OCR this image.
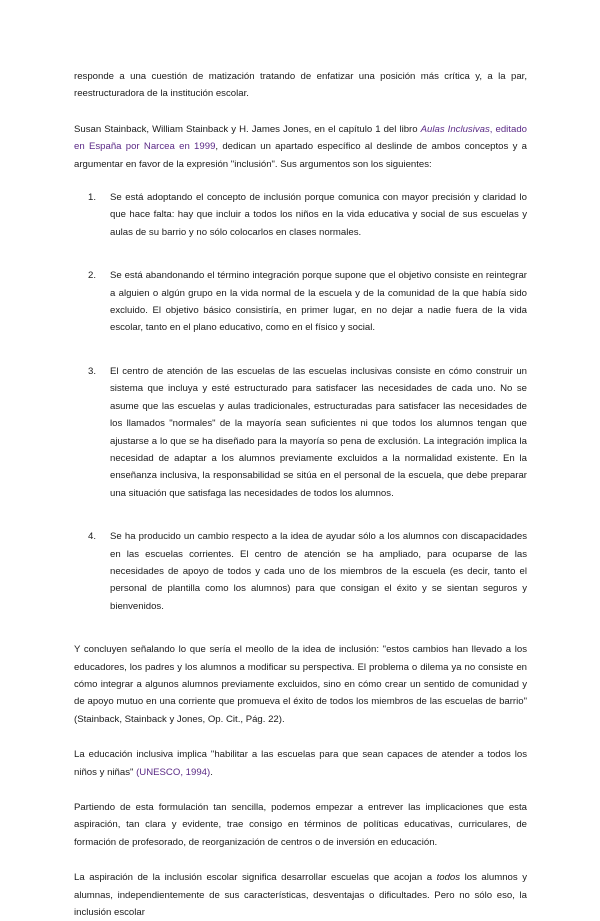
responde a una cuestión de matización tratando de enfatizar una posición más crítica y, a la par, reestructuradora de la institución escolar.

Susan Stainback, William Stainback y H. James Jones, en el capítulo 1 del libro Aulas Inclusivas, editado en España por Narcea en 1999, dedican un apartado específico al deslinde de ambos conceptos y a argumentar en favor de la expresión "inclusión". Sus argumentos son los siguientes:

1. Se está adoptando el concepto de inclusión porque comunica con mayor precisión y claridad lo que hace falta: hay que incluir a todos los niños en la vida educativa y social de sus escuelas y aulas de su barrio y no sólo colocarlos en clases normales.
2. Se está abandonando el término integración porque supone que el objetivo consiste en reintegrar a alguien o algún grupo en la vida normal de la escuela y de la comunidad de la que había sido excluido. El objetivo básico consistiría, en primer lugar, en no dejar a nadie fuera de la vida escolar, tanto en el plano educativo, como en el físico y social.
3. El centro de atención de las escuelas de las escuelas inclusivas consiste en cómo construir un sistema que incluya y esté estructurado para satisfacer las necesidades de cada uno. No se asume que las escuelas y aulas tradicionales, estructuradas para satisfacer las necesidades de los llamados "normales" de la mayoría sean suficientes ni que todos los alumnos tengan que ajustarse a lo que se ha diseñado para la mayoría so pena de exclusión. La integración implica la necesidad de adaptar a los alumnos previamente excluidos a la normalidad existente. En la enseñanza inclusiva, la responsabilidad se sitúa en el personal de la escuela, que debe preparar una situación que satisfaga las necesidades de todos los alumnos.
4. Se ha producido un cambio respecto a la idea de ayudar sólo a los alumnos con discapacidades en las escuelas corrientes. El centro de atención se ha ampliado, para ocuparse de las necesidades de apoyo de todos y cada uno de los miembros de la escuela (es decir, tanto el personal de plantilla como los alumnos) para que consigan el éxito y se sientan seguros y bienvenidos.

Y concluyen señalando lo que sería el meollo de la idea de inclusión: "estos cambios han llevado a los educadores, los padres y los alumnos a modificar su perspectiva. El problema o dilema ya no consiste en cómo integrar a algunos alumnos previamente excluidos, sino en cómo crear un sentido de comunidad y de apoyo mutuo en una corriente que promueva el éxito de todos los miembros de las escuelas de barrio" (Stainback, Stainback y Jones, Op. Cit., Pág. 22).

La educación inclusiva implica "habilitar a las escuelas para que sean capaces de atender a todos los niños y niñas" (UNESCO, 1994).

Partiendo de esta formulación tan sencilla, podemos empezar a entrever las implicaciones que esta aspiración, tan clara y evidente, trae consigo en términos de políticas educativas, curriculares, de formación de profesorado, de reorganización de centros o de inversión en educación.

La aspiración de la inclusión escolar significa desarrollar escuelas que acojan a todos los alumnos y alumnas, independientemente de sus características, desventajas o dificultades. Pero no sólo eso, la inclusión escolar
